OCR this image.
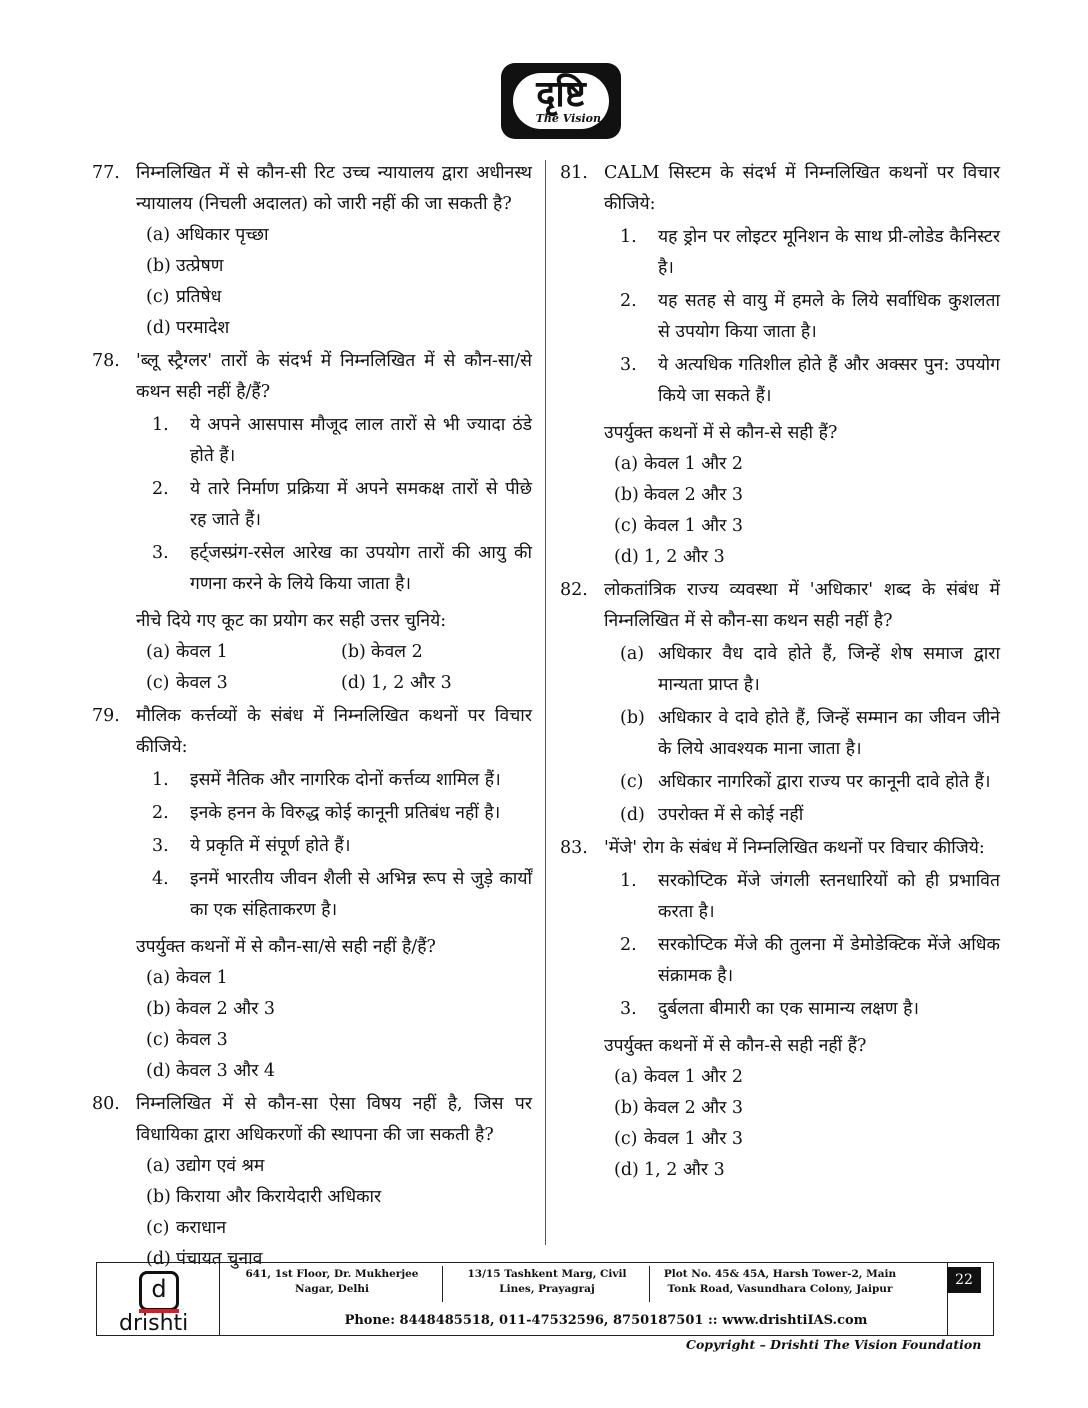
दृष्टि
The Vision
77. निम्नलिखित में से कौन-सी रिट उच्च न्यायालय द्वारा अधीनस्थ न्यायालय (निचली अदालत) को जारी नहीं की जा सकती है?
(a) अधिकार पृच्छा
(b) उत्प्रेषण
(c) प्रतिषेध
(d) परमादेश
78. 'ब्लू स्ट्रैग्लर' तारों के संदर्भ में निम्नलिखित में से कौन-सा/से कथन सही नहीं है/हैं?
1. ये अपने आसपास मौजूद लाल तारों से भी ज्यादा ठंडे होते हैं।
2. ये तारे निर्माण प्रक्रिया में अपने समकक्ष तारों से पीछे रह जाते हैं।
3. हर्ट्जस्प्रंग-रसेल आरेख का उपयोग तारों की आयु की गणना करने के लिये किया जाता है।
नीचे दिये गए कूट का प्रयोग कर सही उत्तर चुनिये:
(a) केवल 1	(b) केवल 2
(c) केवल 3	(d) 1, 2 और 3
79. मौलिक कर्त्तव्यों के संबंध में निम्नलिखित कथनों पर विचार कीजिये:
1. इसमें नैतिक और नागरिक दोनों कर्त्तव्य शामिल हैं।
2. इनके हनन के विरुद्ध कोई कानूनी प्रतिबंध नहीं है।
3. ये प्रकृति में संपूर्ण होते हैं।
4. इनमें भारतीय जीवन शैली से अभिन्न रूप से जुड़े कार्यों का एक संहिताकरण है।
उपर्युक्त कथनों में से कौन-सा/से सही नहीं है/हैं?
(a) केवल 1
(b) केवल 2 और 3
(c) केवल 3
(d) केवल 3 और 4
80. निम्नलिखित में से कौन-सा ऐसा विषय नहीं है, जिस पर विधायिका द्वारा अधिकरणों की स्थापना की जा सकती है?
(a) उद्योग एवं श्रम
(b) किराया और किरायेदारी अधिकार
(c) कराधान
(d) पंचायत चुनाव
81. CALM सिस्टम के संदर्भ में निम्नलिखित कथनों पर विचार कीजिये:
1. यह ड्रोन पर लोइटर मूनिशन के साथ प्री-लोडेड कैनिस्टर है।
2. यह सतह से वायु में हमले के लिये सर्वाधिक कुशलता से उपयोग किया जाता है।
3. ये अत्यधिक गतिशील होते हैं और अक्सर पुन: उपयोग किये जा सकते हैं।
उपर्युक्त कथनों में से कौन-से सही हैं?
(a) केवल 1 और 2
(b) केवल 2 और 3
(c) केवल 1 और 3
(d) 1, 2 और 3
82. लोकतांत्रिक राज्य व्यवस्था में 'अधिकार' शब्द के संबंध में निम्नलिखित में से कौन-सा कथन सही नहीं है?
(a) अधिकार वैध दावे होते हैं, जिन्हें शेष समाज द्वारा मान्यता प्राप्त है।
(b) अधिकार वे दावे होते हैं, जिन्हें सम्मान का जीवन जीने के लिये आवश्यक माना जाता है।
(c) अधिकार नागरिकों द्वारा राज्य पर कानूनी दावे होते हैं।
(d) उपरोक्त में से कोई नहीं
83. 'मेंजे' रोग के संबंध में निम्नलिखित कथनों पर विचार कीजिये:
1. सरकोप्टिक मेंजे जंगली स्तनधारियों को ही प्रभावित करता है।
2. सरकोप्टिक मेंजे की तुलना में डेमोडेक्टिक मेंजे अधिक संक्रामक है।
3. दुर्बलता बीमारी का एक सामान्य लक्षण है।
उपर्युक्त कथनों में से कौन-से सही नहीं हैं?
(a) केवल 1 और 2
(b) केवल 2 और 3
(c) केवल 1 और 3
(d) 1, 2 और 3
d
drishti
641, 1st Floor, Dr. Mukherjee Nagar, Delhi
13/15 Tashkent Marg, Civil Lines, Prayagraj
Plot No. 45& 45A, Harsh Tower-2, Main Tonk Road, Vasundhara Colony, Jaipur
22
Phone: 8448485518, 011-47532596, 8750187501 :: www.drishtiIAS.com
Copyright – Drishti The Vision Foundation
